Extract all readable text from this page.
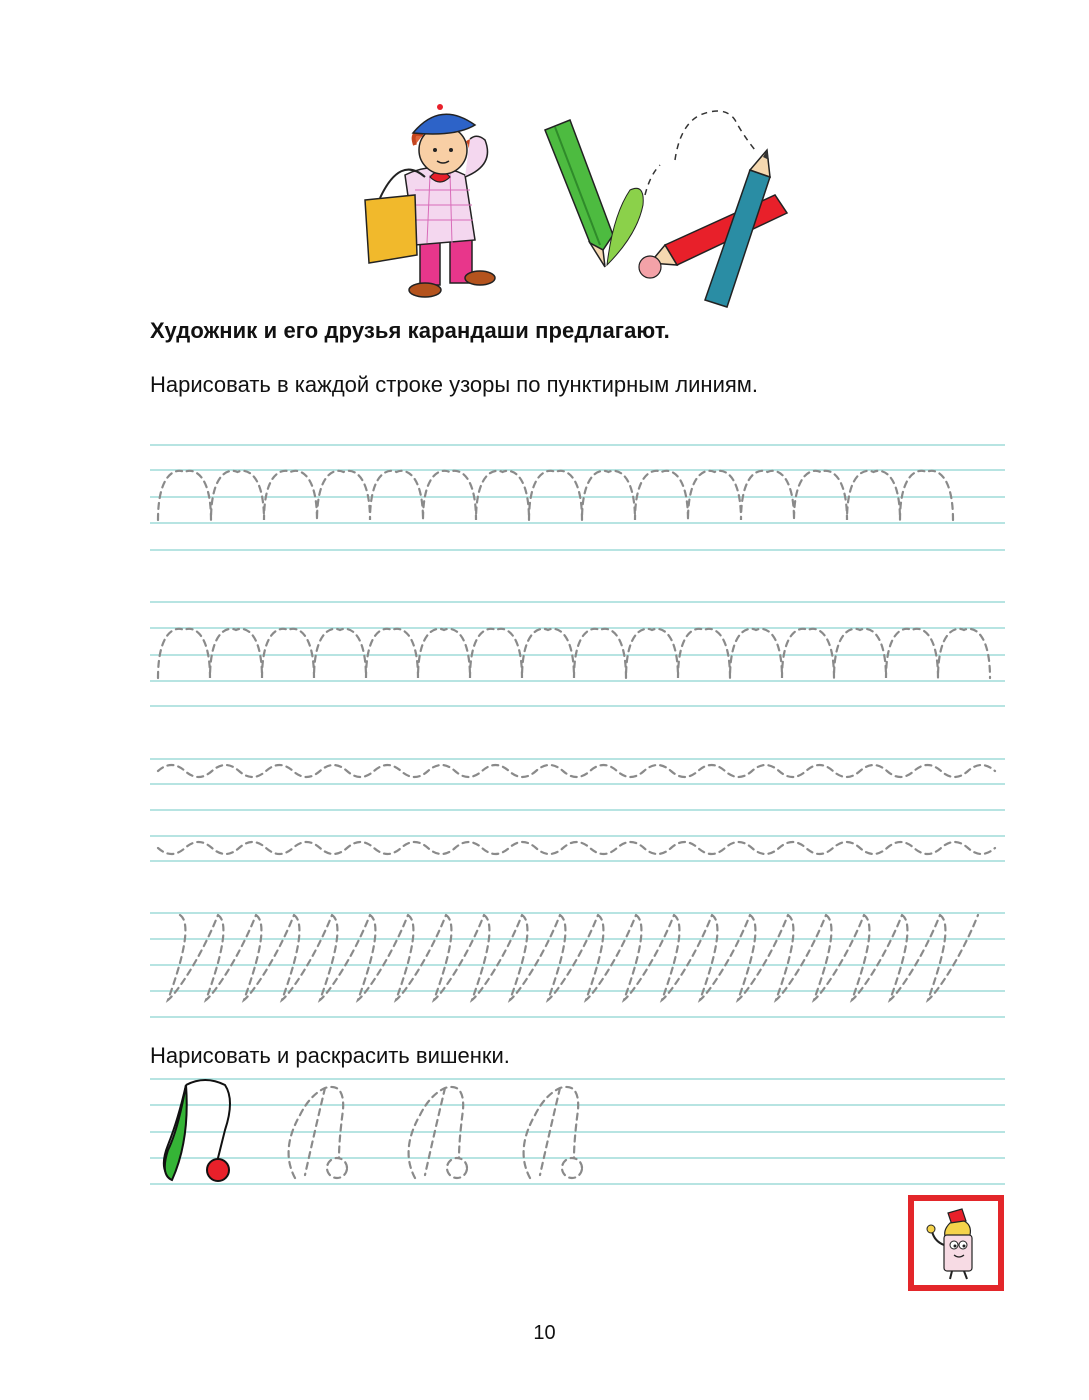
Художник и его друзья карандаши предлагают.
Нарисовать в каждой строке узоры по пунктирным линиям.
Нарисовать и раскрасить вишенки.
10
